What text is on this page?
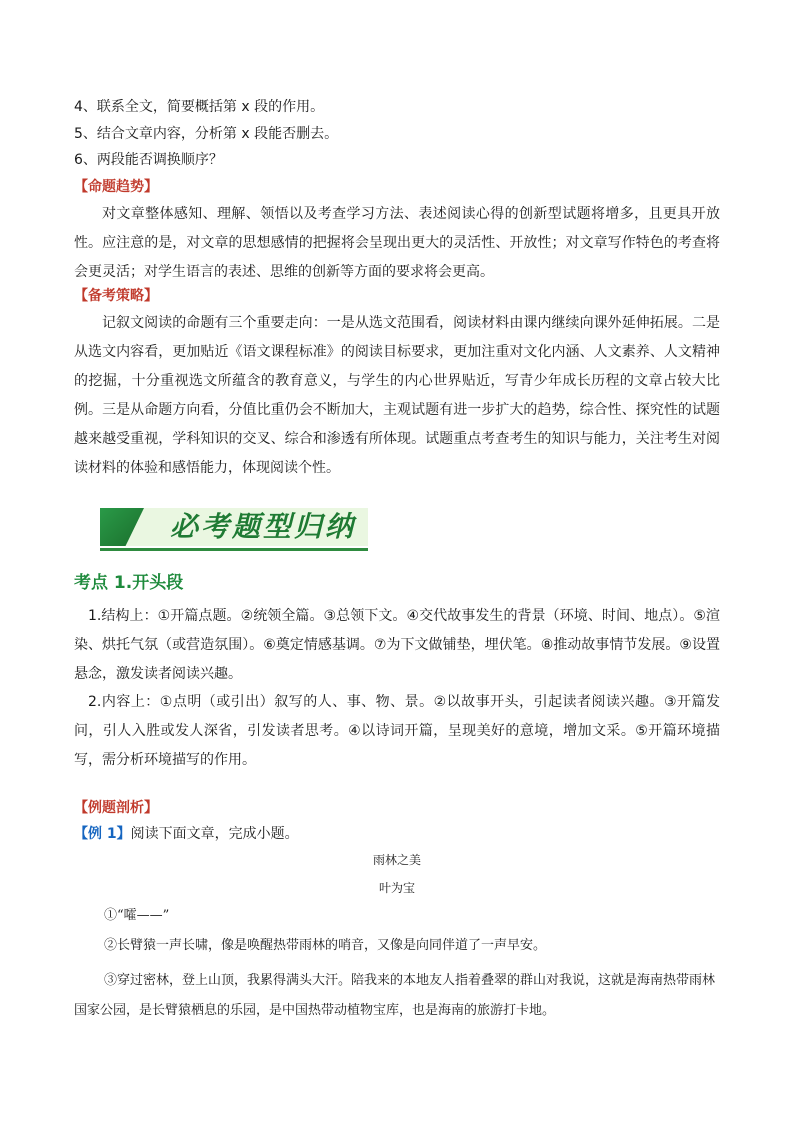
4、联系全文，简要概括第 x 段的作用。
5、结合文章内容，分析第 x 段能否删去。
6、两段能否调换顺序？
【命题趋势】
对文章整体感知、理解、领悟以及考查学习方法、表述阅读心得的创新型试题将增多，且更具开放性。应注意的是，对文章的思想感情的把握将会呈现出更大的灵活性、开放性；对文章写作特色的考查将会更灵活；对学生语言的表述、思维的创新等方面的要求将会更高。
【备考策略】
记叙文阅读的命题有三个重要走向：一是从选文范围看，阅读材料由课内继续向课外延伸拓展。二是从选文内容看，更加贴近《语文课程标准》的阅读目标要求，更加注重对文化内涵、人文素养、人文精神的挖掘，十分重视选文所蕴含的教育意义，与学生的内心世界贴近，写青少年成长历程的文章占较大比例。三是从命题方向看，分值比重仍会不断加大，主观试题有进一步扩大的趋势，综合性、探究性的试题越来越受重视，学科知识的交叉、综合和渗透有所体现。试题重点考查考生的知识与能力，关注考生对阅读材料的体验和感悟能力，体现阅读个性。
必考题型归纳
考点 1.开头段
1.结构上：①开篇点题。②统领全篇。③总领下文。④交代故事发生的背景（环境、时间、地点）。⑤渲染、烘托气氛（或营造氛围）。⑥奠定情感基调。⑦为下文做铺垫，埋伏笔。⑧推动故事情节发展。⑨设置悬念，激发读者阅读兴趣。
2.内容上：①点明（或引出）叙写的人、事、物、景。②以故事开头，引起读者阅读兴趣。③开篇发问，引人入胜或发人深省，引发读者思考。④以诗词开篇，呈现美好的意境，增加文采。⑤开篇环境描写，需分析环境描写的作用。
【例题剖析】
【例 1】阅读下面文章，完成小题。
雨林之美
叶为宝
①“嚯——”
②长臂猿一声长啸，像是唤醒热带雨林的哨音，又像是向同伴道了一声早安。
③穿过密林，登上山顶，我累得满头大汗。陪我来的本地友人指着叠翠的群山对我说，这就是海南热带雨林国家公园，是长臂猿栖息的乐园，是中国热带动植物宝库，也是海南的旅游打卡地。
